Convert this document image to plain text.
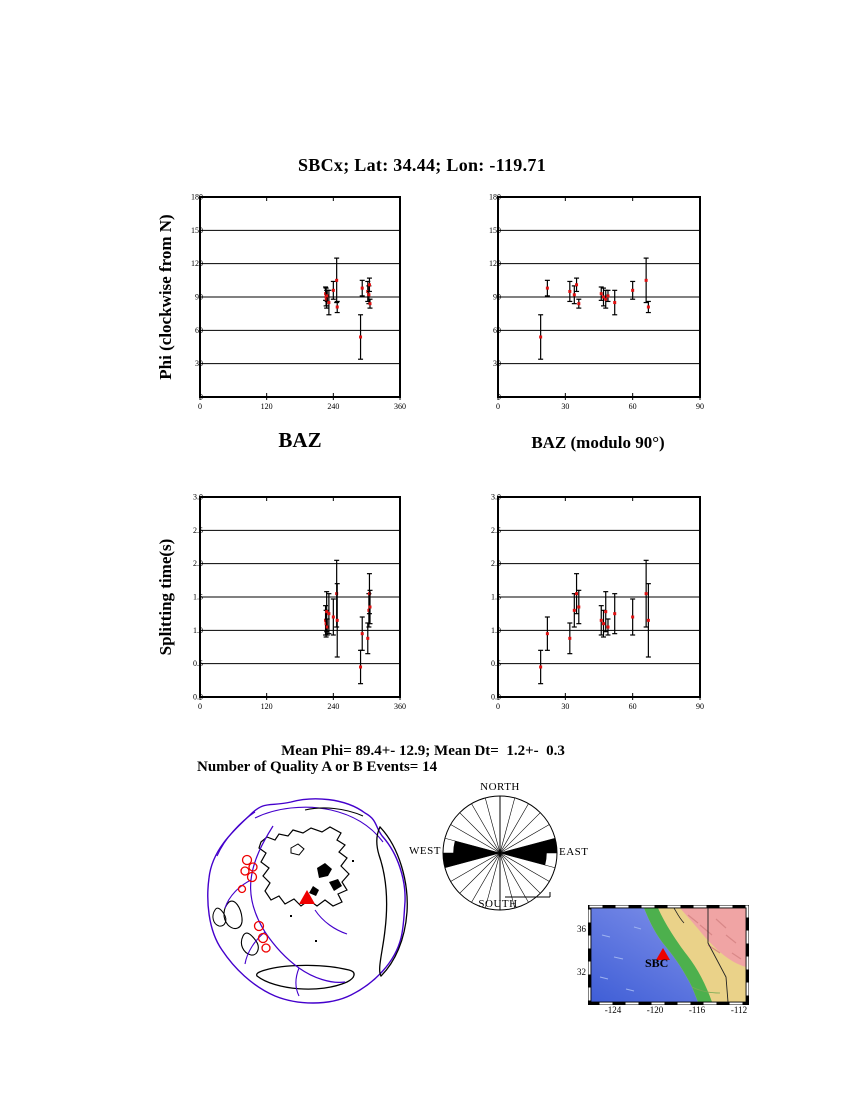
SBCx; Lat: 34.44; Lon: -119.71
Phi (clockwise from N)
Splitting time(s)
0
30
60
90
120
150
180
0	120	240	360
0
30
60
90
120
150
180
0	30	60	90
0.0
0.5
1.0
1.5
2.0
2.5
3.0
0	120	240	360
0.0
0.5
1.0
1.5
2.0
2.5
3.0
0	30	60	90
BAZ	BAZ (modulo 90°)
Mean Phi= 89.4+- 12.9; Mean Dt=  1.2+-  0.3
Number of Quality A or B Events= 14
NORTH
SOUTH
WEST	EAST
SBC
-124	-120	-116	-112
36
32
